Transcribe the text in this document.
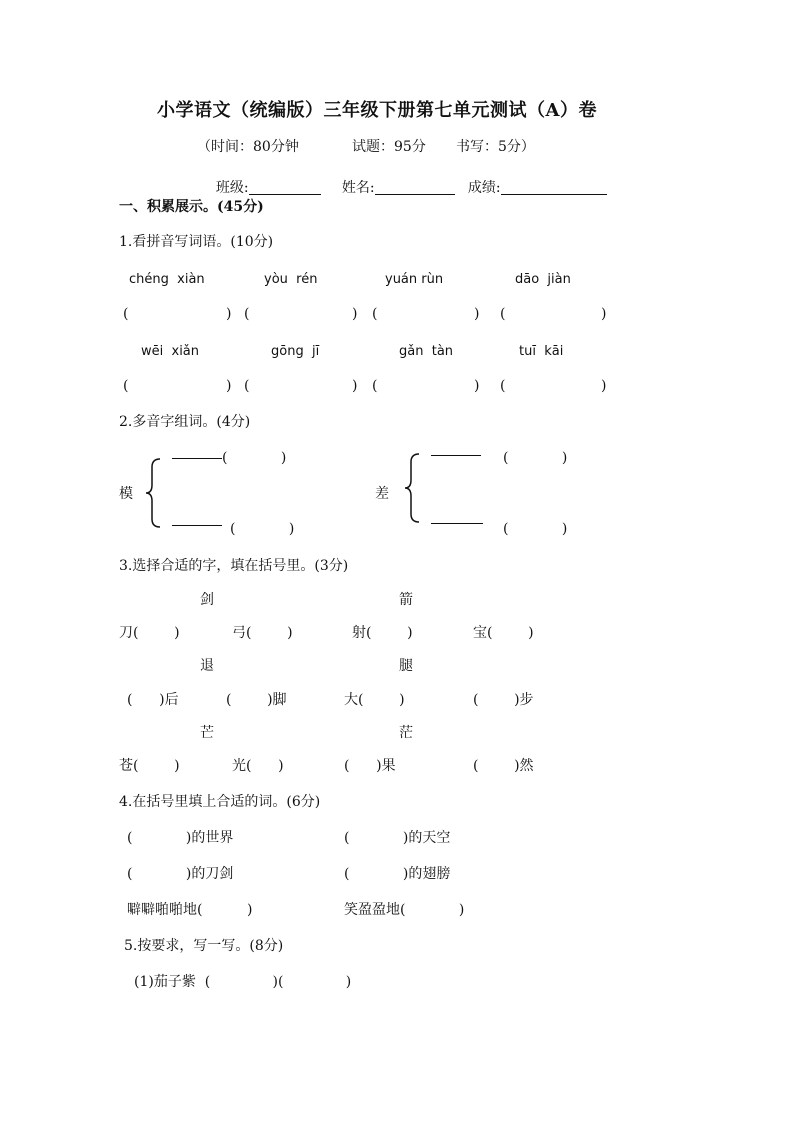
小学语文（统编版）三年级下册第七单元测试（A）卷
（时间：80分钟	试题：95分 书写：5分）

班级:	姓名:	成绩:

一、积累展示。(45分)
1.看拼音写词语。(10分)
chéng  xiàn	yòu  rén	yuán rùn	dāo  jiàn
(	) (	) (	) (	)
wēi  xiǎn	gōng  jī	gǎn  tàn	tuī  kāi
(	) (	) (	) (	)
2.多音字组词。(4分)
模
(            )
(            )
差
(            )
(            )
3.选择合适的字，填在括号里。(3分)
剑	箭
刀(        )	弓(        )	射(        )	宝(        )
退	腿
(      )后	(        )脚	大(        )	(        )步
芒	茫
苍(        )	光(      )	(      )果	(        )然
4.在括号里填上合适的词。(6分)
(            )的世界	(            )的天空
(            )的刀剑	(            )的翅膀
噼噼啪啪地(          )	笑盈盈地(            )
5.按要求，写一写。(8分)
(1)茄子紫  (              )(              )
